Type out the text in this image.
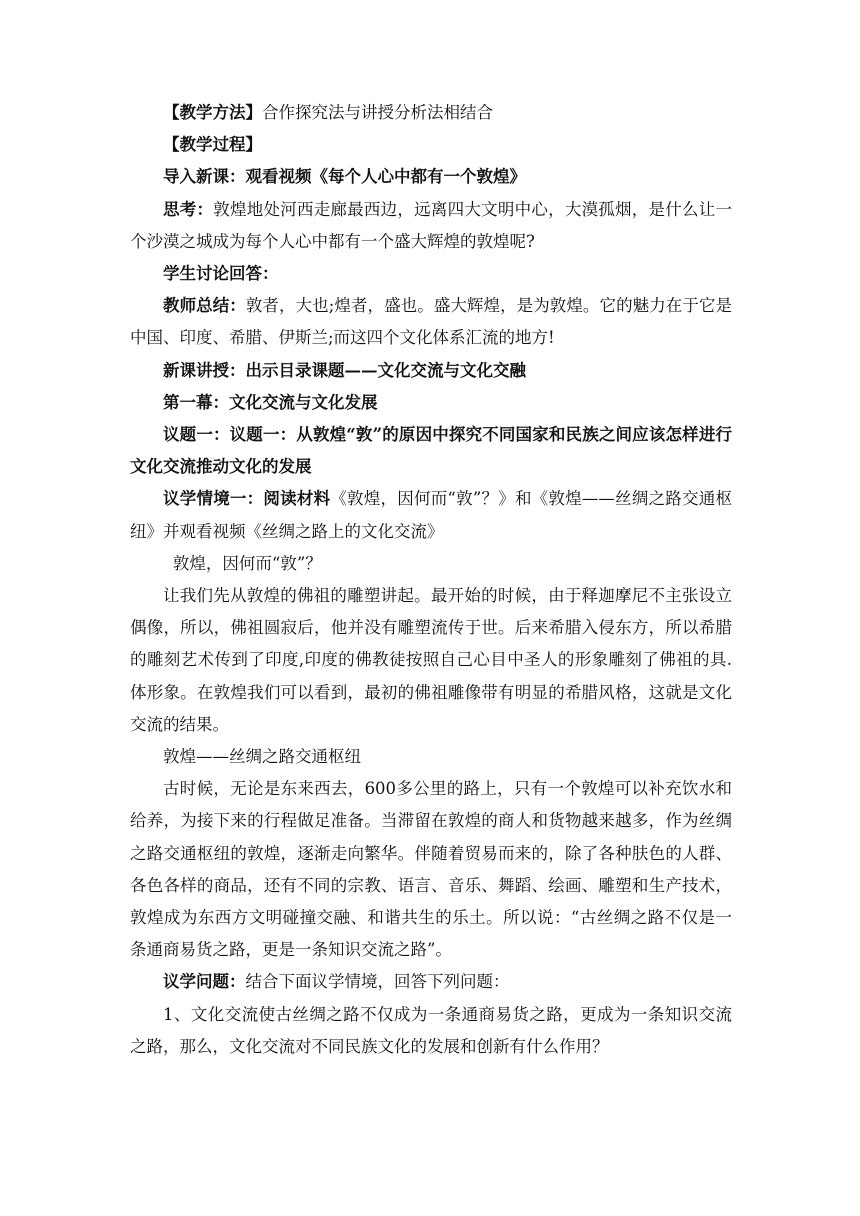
【教学方法】合作探究法与讲授分析法相结合

【教学过程】

导入新课：观看视频《每个人心中都有一个敦煌》

思考：敦煌地处河西走廊最西边，远离四大文明中心，大漠孤烟，是什么让一个沙漠之城成为每个人心中都有一个盛大辉煌的敦煌呢?

学生讨论回答：

教师总结：敦者，大也;煌者，盛也。盛大辉煌，是为敦煌。它的魅力在于它是中国、印度、希腊、伊斯兰;而这四个文化体系汇流的地方!

新课讲授：出示目录课题——文化交流与文化交融

第一幕：文化交流与文化发展

议题一：议题一：从敦煌“敦”的原因中探究不同国家和民族之间应该怎样进行文化交流推动文化的发展

议学情境一：阅读材料《敦煌，因何而“敦”？》和《敦煌——丝绸之路交通枢纽》并观看视频《丝绸之路上的文化交流》

敦煌，因何而“敦”？

让我们先从敦煌的佛祖的雕塑讲起。最开始的时候，由于释迦摩尼不主张设立偶像，所以，佛祖圆寂后，他并没有雕塑流传于世。后来希腊入侵东方，所以希腊的雕刻艺术传到了印度,印度的佛教徒按照自己心目中圣人的形象雕刻了佛祖的具.体形象。在敦煌我们可以看到，最初的佛祖雕像带有明显的希腊风格，这就是文化交流的结果。

敦煌——丝绸之路交通枢纽

古时候，无论是东来西去，600多公里的路上，只有一个敦煌可以补充饮水和给养，为接下来的行程做足准备。当滞留在敦煌的商人和货物越来越多，作为丝绸之路交通枢纽的敦煌，逐渐走向繁华。伴随着贸易而来的，除了各种肤色的人群、各色各样的商品，还有不同的宗教、语言、音乐、舞蹈、绘画、雕塑和生产技术，敦煌成为东西方文明碰撞交融、和谐共生的乐土。所以说：“古丝绸之路不仅是一条通商易货之路，更是一条知识交流之路”。

议学问题：结合下面议学情境，回答下列问题：

1、文化交流使古丝绸之路不仅成为一条通商易货之路，更成为一条知识交流之路，那么，文化交流对不同民族文化的发展和创新有什么作用？
